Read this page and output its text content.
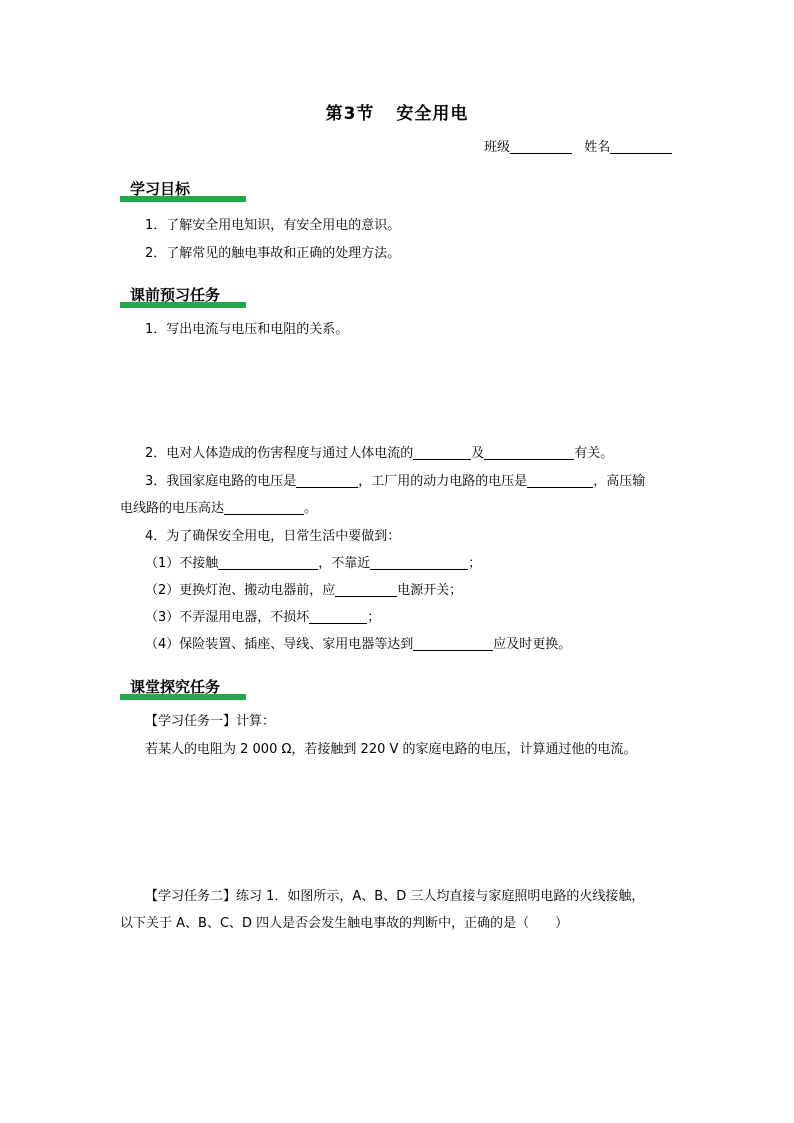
第3节 安全用电
班级	姓名
学习目标
1．了解安全用电知识，有安全用电的意识。
2．了解常见的触电事故和正确的处理方法。
课前预习任务
1．写出电流与电压和电阻的关系。
2．电对人体造成的伤害程度与通过人体电流的	及	有关。
3．我国家庭电路的电压是	，工厂用的动力电路的电压是	，高压输
电线路的电压高达	。
4．为了确保安全用电，日常生活中要做到：
（1）不接触	，不靠近	；
（2）更换灯泡、搬动电器前，应	电源开关；
（3）不弄湿用电器，不损坏	；
（4）保险装置、插座、导线、家用电器等达到	应及时更换。
课堂探究任务
【学习任务一】计算：
若某人的电阻为 2 000 Ω，若接触到 220 V 的家庭电路的电压，计算通过他的电流。
【学习任务二】练习 1．如图所示，A、B、D 三人均直接与家庭照明电路的火线接触，
以下关于 A、B、C、D 四人是否会发生触电事故的判断中，正确的是（　　）
